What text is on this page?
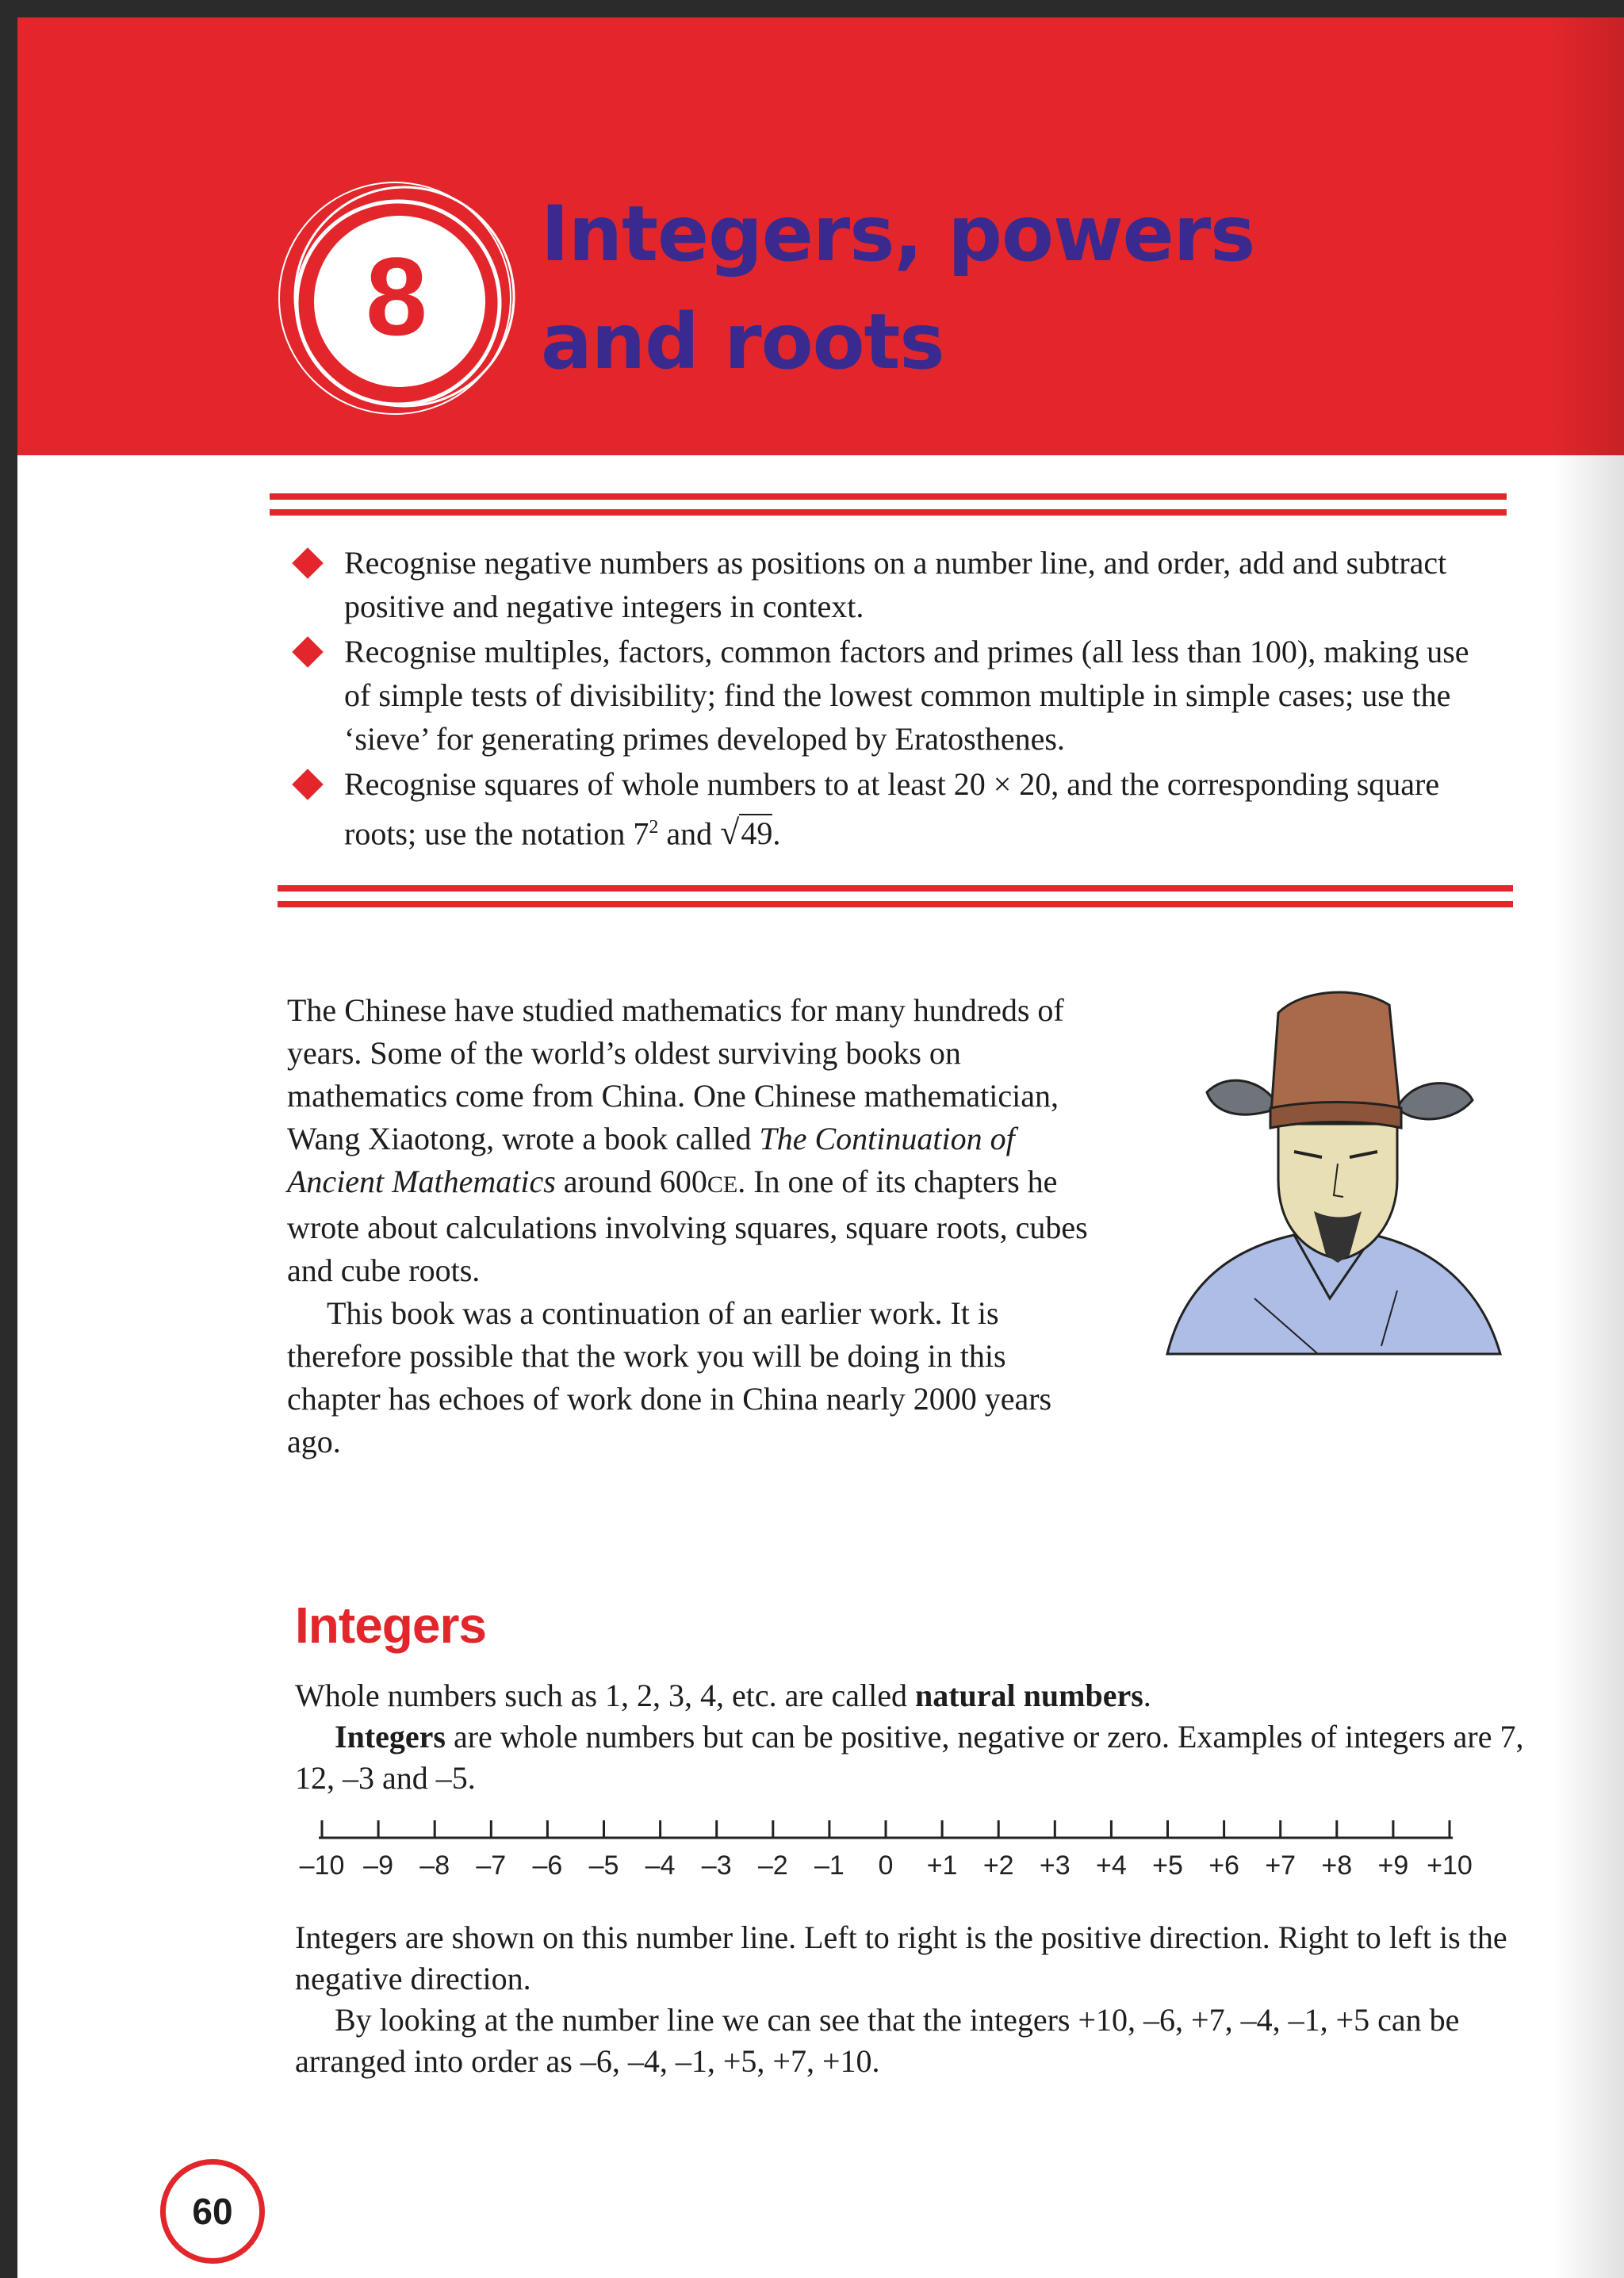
8 Integers, powers
and roots
Recognise negative numbers as positions on a number line, and order, add and subtract positive and negative integers in context.
Recognise multiples, factors, common factors and primes (all less than 100), making use of simple tests of divisibility; find the lowest common multiple in simple cases; use the ‘sieve’ for generating primes developed by Eratosthenes.
Recognise squares of whole numbers to at least 20 × 20, and the corresponding square roots; use the notation $7^2$ and √49.

The Chinese have studied mathematics for many hundreds of years. Some of the world’s oldest surviving books on mathematics come from China. One Chinese mathematician, Wang Xiaotong, wrote a book called The Continuation of Ancient Mathematics around 600CE. In one of its chapters he wrote about calculations involving squares, square roots, cubes and cube roots.

This book was a continuation of an earlier work. It is therefore possible that the work you will be doing in this chapter has echoes of work done in China nearly 2000 years ago.

Integers

Whole numbers such as 1, 2, 3, 4, etc. are called natural numbers.

Integers are whole numbers but can be positive, negative or zero. Examples of integers are 7, 12, –3 and –5.

–10 –9 –8 –7 –6 –5 –4 –3 –2 –1 0 +1 +2 +3 +4 +5 +6 +7 +8 +9 +10

Integers are shown on this number line. Left to right is the positive direction. Right to left is the negative direction.

By looking at the number line we can see that the integers +10, –6, +7, –4, –1, +5 can be arranged into order as –6, –4, –1, +5, +7, +10.

60
